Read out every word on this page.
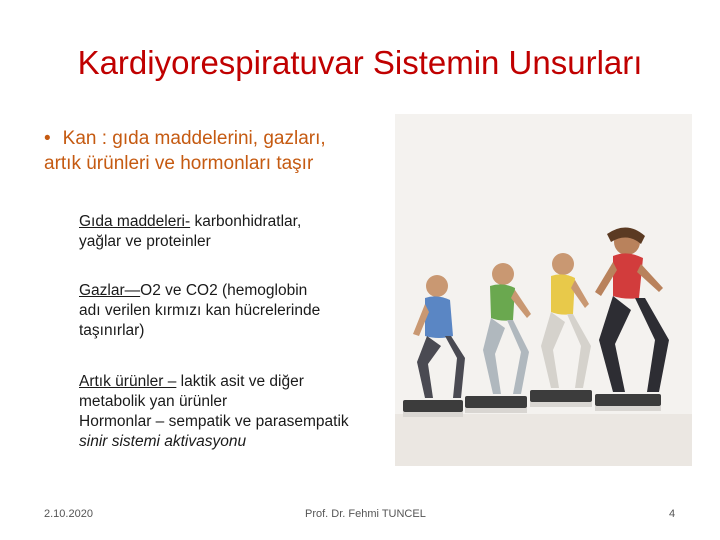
Kardiyorespiratuvar Sistemin Unsurları
• Kan : gıda maddelerini, gazları,
artık ürünleri ve hormonları taşır
Gıda maddeleri- karbonhidratlar,
yağlar ve proteinler
Gazlar—O2 ve CO2 (hemoglobin
adı verilen kırmızı kan hücrelerinde
taşınırlar)
Artık ürünler – laktik asit ve diğer
metabolik yan ürünler
Hormonlar – sempatik ve parasempatik
sinir sistemi aktivasyonu
2.10.2020	Prof. Dr. Fehmi TUNCEL	4
